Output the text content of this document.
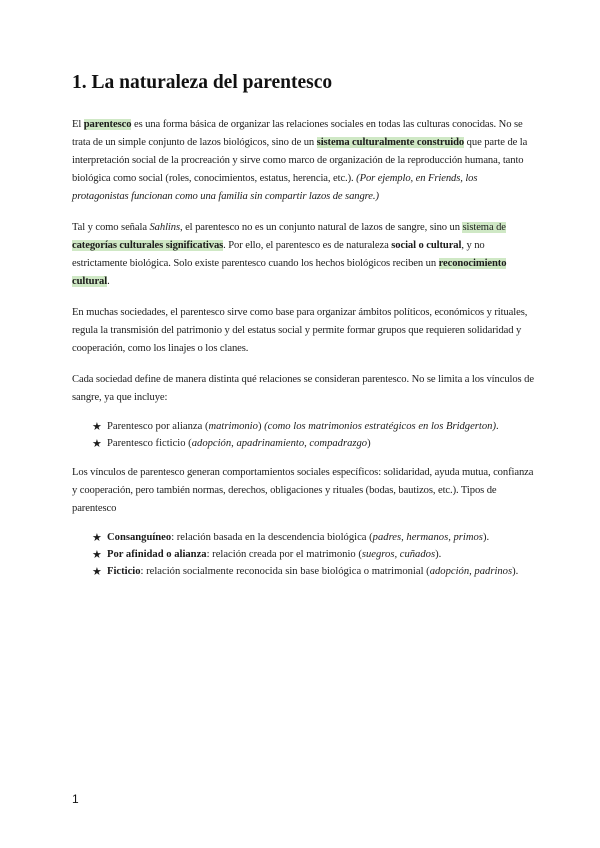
1. La naturaleza del parentesco

El parentesco es una forma básica de organizar las relaciones sociales en todas las culturas conocidas. No se trata de un simple conjunto de lazos biológicos, sino de un sistema culturalmente construido que parte de la interpretación social de la procreación y sirve como marco de organización de la reproducción humana, tanto biológica como social (roles, conocimientos, estatus, herencia, etc.). (Por ejemplo, en Friends, los protagonistas funcionan como una familia sin compartir lazos de sangre.)

Tal y como señala Sahlins, el parentesco no es un conjunto natural de lazos de sangre, sino un sistema de categorías culturales significativas. Por ello, el parentesco es de naturaleza social o cultural, y no estrictamente biológica. Solo existe parentesco cuando los hechos biológicos reciben un reconocimiento cultural.

En muchas sociedades, el parentesco sirve como base para organizar ámbitos políticos, económicos y rituales, regula la transmisión del patrimonio y del estatus social y permite formar grupos que requieren solidaridad y cooperación, como los linajes o los clanes.

Cada sociedad define de manera distinta qué relaciones se consideran parentesco. No se limita a los vínculos de sangre, ya que incluye:

★ Parentesco por alianza (matrimonio) (como los matrimonios estratégicos en los Bridgerton).
★ Parentesco ficticio (adopción, apadrinamiento, compadrazgo)

Los vínculos de parentesco generan comportamientos sociales específicos: solidaridad, ayuda mutua, confianza y cooperación, pero también normas, derechos, obligaciones y rituales (bodas, bautizos, etc.). Tipos de parentesco

★ Consanguíneo: relación basada en la descendencia biológica (padres, hermanos, primos).
★ Por afinidad o alianza: relación creada por el matrimonio (suegros, cuñados).
★ Ficticio: relación socialmente reconocida sin base biológica o matrimonial (adopción, padrinos).
1
